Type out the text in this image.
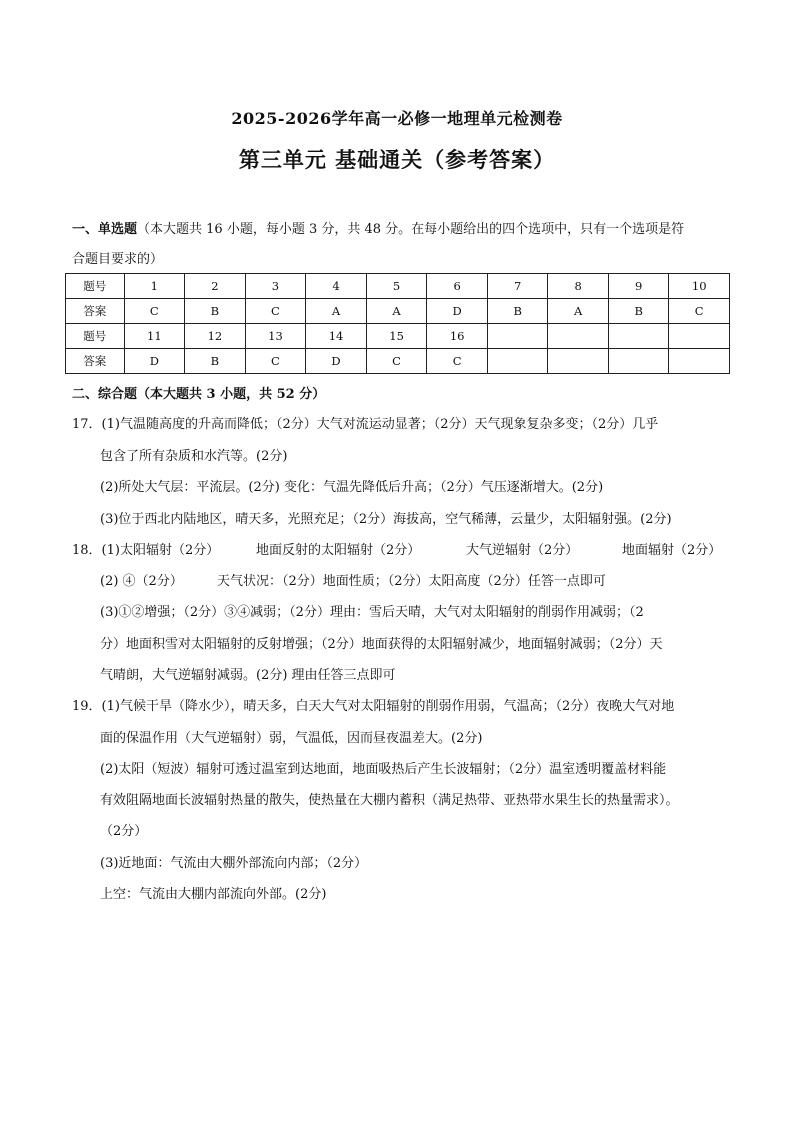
2025-2026学年高一必修一地理单元检测卷
第三单元 基础通关（参考答案）
一、单选题（本大题共 16 小题，每小题 3 分，共 48 分。在每小题给出的四个选项中，只有一个选项是符
合题目要求的）
题号	1	2	3	4	5	6	7	8	9	10
答案	C	B	C	A	A	D	B	A	B	C
题号	11	12	13	14	15	16				
答案	D	B	C	D	C	C				
二、综合题（本大题共 3 小题，共 52 分）
17．(1)气温随高度的升高而降低；（2分）大气对流运动显著；（2分）天气现象复杂多变；（2分）几乎
包含了所有杂质和水汽等。(2分)
(2)所处大气层：平流层。(2分) 变化：气温先降低后升高；（2分）气压逐渐增大。(2分)
(3)位于西北内陆地区，晴天多，光照充足；（2分）海拔高，空气稀薄，云量少，太阳辐射强。(2分)
18．(1)太阳辐射（2分）	地面反射的太阳辐射（2分）	大气逆辐射（2分）	地面辐射（2分）
(2) ④（2分）	天气状况：（2分）地面性质；（2分）太阳高度（2分）任答一点即可
(3)①②增强；（2分）③④减弱；（2分）理由：雪后天晴，大气对太阳辐射的削弱作用减弱；（2
分）地面积雪对太阳辐射的反射增强；（2分）地面获得的太阳辐射减少，地面辐射减弱；（2分）天
气晴朗，大气逆辐射减弱。(2分) 理由任答三点即可
19．(1)气候干旱（降水少），晴天多，白天大气对太阳辐射的削弱作用弱，气温高；（2分）夜晚大气对地
面的保温作用（大气逆辐射）弱，气温低，因而昼夜温差大。(2分)
(2)太阳（短波）辐射可透过温室到达地面，地面吸热后产生长波辐射；（2分）温室透明覆盖材料能
有效阻隔地面长波辐射热量的散失，使热量在大棚内蓄积（满足热带、亚热带水果生长的热量需求）。
（2分）
(3)近地面：气流由大棚外部流向内部；（2分）
上空：气流由大棚内部流向外部。(2分)
